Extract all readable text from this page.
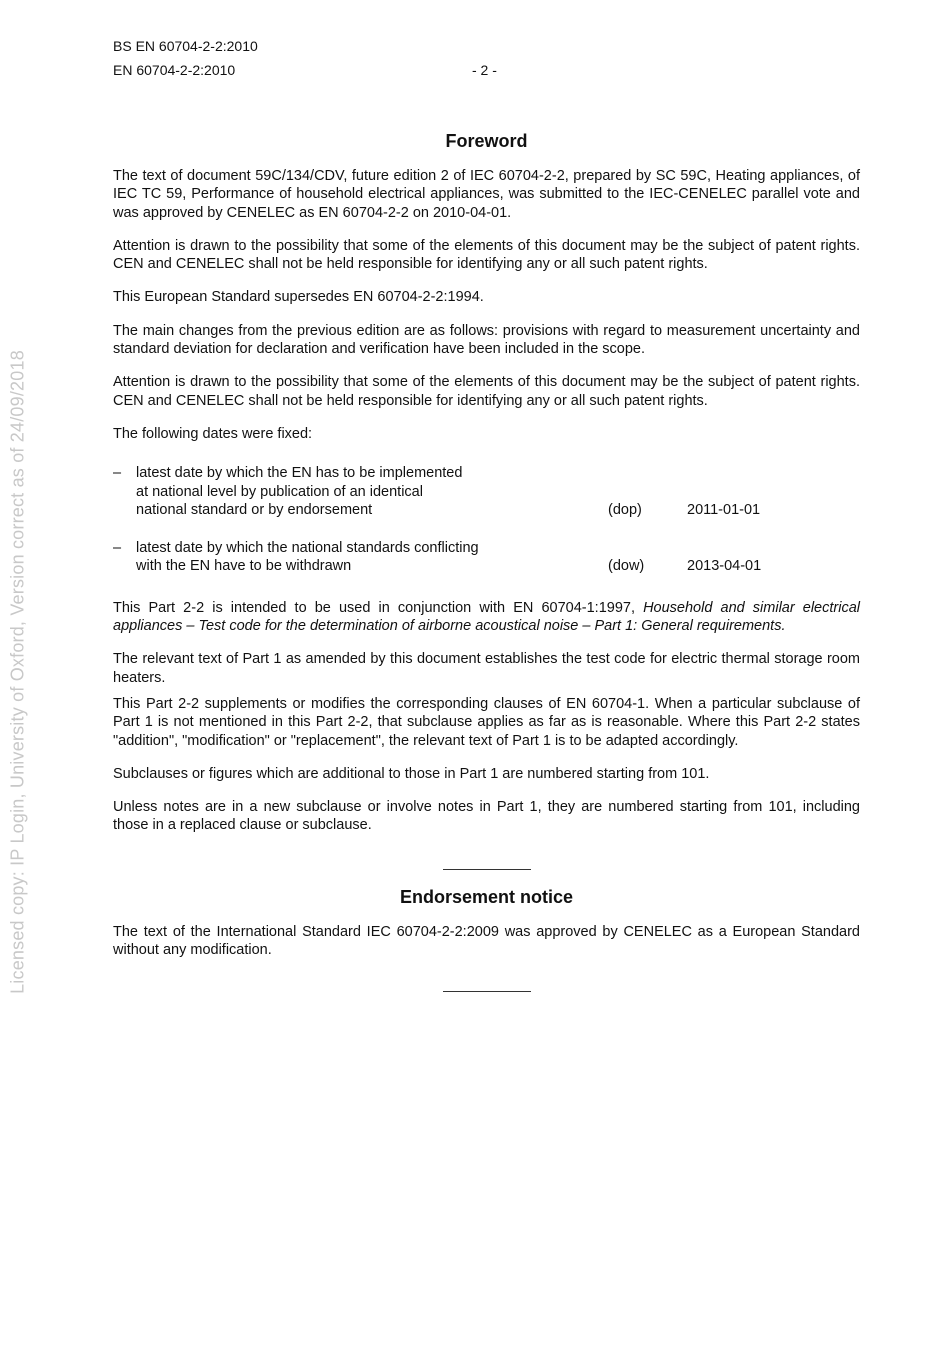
BS EN 60704-2-2:2010
EN 60704-2-2:2010	- 2 -
Licensed copy: IP Login, University of Oxford, Version correct as of 24/09/2018
Foreword

The text of document 59C/134/CDV, future edition 2 of IEC 60704-2-2, prepared by SC 59C, Heating appliances, of IEC TC 59, Performance of household electrical appliances, was submitted to the IEC-CENELEC parallel vote and was approved by CENELEC as EN 60704-2-2 on 2010-04-01.

Attention is drawn to the possibility that some of the elements of this document may be the subject of patent rights. CEN and CENELEC shall not be held responsible for identifying any or all such patent rights.

This European Standard supersedes EN 60704-2-2:1994.

The main changes from the previous edition are as follows: provisions with regard to measurement uncertainty and standard deviation for declaration and verification have been included in the scope.

Attention is drawn to the possibility that some of the elements of this document may be the subject of patent rights. CEN and CENELEC shall not be held responsible for identifying any or all such patent rights.

The following dates were fixed:

– latest date by which the EN has to be implemented
at national level by publication of an identical
national standard or by endorsement	(dop)	2011-01-01
– latest date by which the national standards conflicting
with the EN have to be withdrawn	(dow)	2013-04-01

This Part 2-2 is intended to be used in conjunction with EN 60704-1:1997, Household and similar electrical appliances – Test code for the determination of airborne acoustical noise – Part 1: General requirements.

The relevant text of Part 1 as amended by this document establishes the test code for electric thermal storage room heaters.

This Part 2-2 supplements or modifies the corresponding clauses of EN 60704-1. When a particular subclause of Part 1 is not mentioned in this Part 2-2, that subclause applies as far as is reasonable. Where this Part 2-2 states "addition", "modification" or "replacement", the relevant text of Part 1 is to be adapted accordingly.

Subclauses or figures which are additional to those in Part 1 are numbered starting from 101.

Unless notes are in a new subclause or involve notes in Part 1, they are numbered starting from 101, including those in a replaced clause or subclause.

Endorsement notice

The text of the International Standard IEC 60704-2-2:2009 was approved by CENELEC as a European Standard without any modification.
